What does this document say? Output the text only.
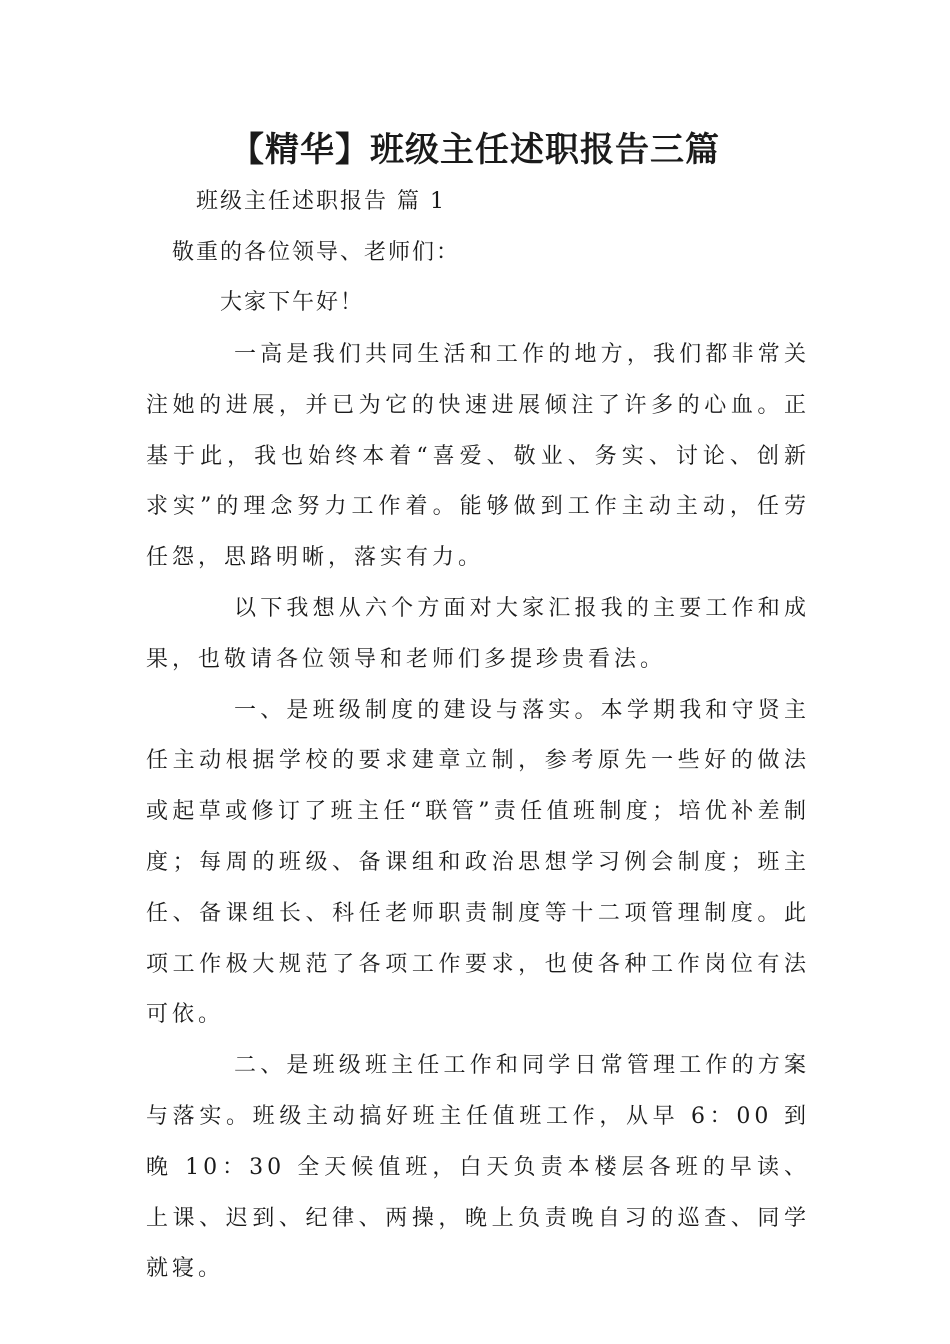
【精华】班级主任述职报告三篇
班级主任述职报告 篇 1
敬重的各位领导、老师们：
大家下午好！

一高是我们共同生活和工作的地方，我们都非常关注她的进展，并已为它的快速进展倾注了许多的心血。正基于此，我也始终本着“喜爱、敬业、务实、讨论、创新求实”的理念努力工作着。能够做到工作主动主动，任劳任怨，思路明晰，落实有力。

以下我想从六个方面对大家汇报我的主要工作和成果，也敬请各位领导和老师们多提珍贵看法。

一、是班级制度的建设与落实。本学期我和守贤主任主动根据学校的要求建章立制，参考原先一些好的做法或起草或修订了班主任“联管”责任值班制度；培优补差制度；每周的班级、备课组和政治思想学习例会制度；班主任、备课组长、科任老师职责制度等十二项管理制度。此项工作极大规范了各项工作要求，也使各种工作岗位有法可依。

二、是班级班主任工作和同学日常管理工作的方案与落实。班级主动搞好班主任值班工作，从早 6：00 到晚 10：30 全天候值班，白天负责本楼层各班的早读、上课、迟到、纪律、两操，晚上负责晚自习的巡查、同学就寝。
